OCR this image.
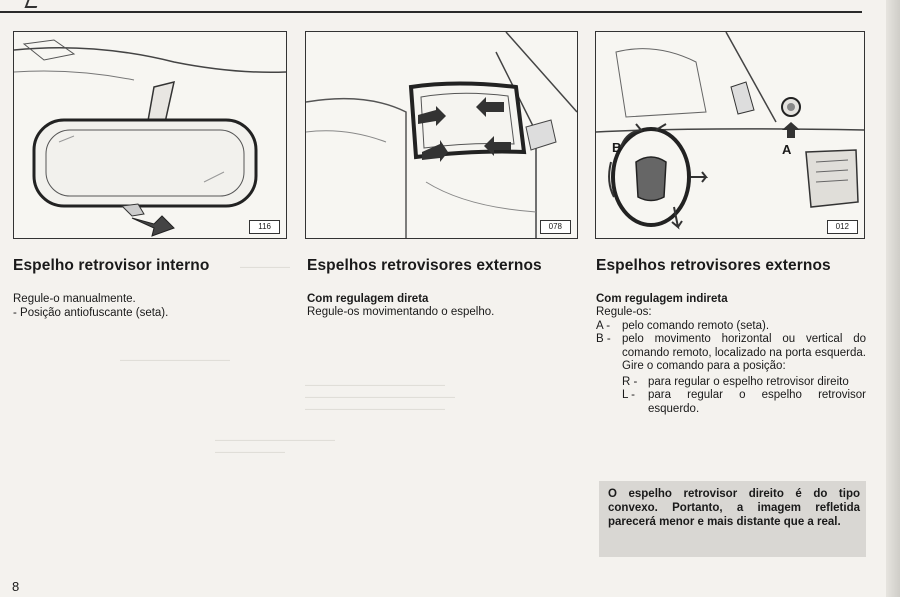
—————
———————————
————————————
———————
——————————————
———————————————
——————————————
116	078
B	A
012
Espelho retrovisor interno

Regule-o manualmente.

- Posição antiofuscante (seta).

Espelhos retrovisores externos

Com regulagem direta

Regule-os movimentando o espelho.

Espelhos retrovisores externos

Com regulagem indireta

Regule-os:

A -	pelo comando remoto (seta).
B - pelo movimento horizontal ou vertical do comando remoto, localizado na porta esquerda. Gire o comando para a posição:
R - para regular o espelho retrovisor direito
L -	para regular o espelho retrovisor esquerdo.
O espelho retrovisor direito é do tipo convexo. Portanto, a imagem refletida parecerá menor e mais distante que a real.
8
